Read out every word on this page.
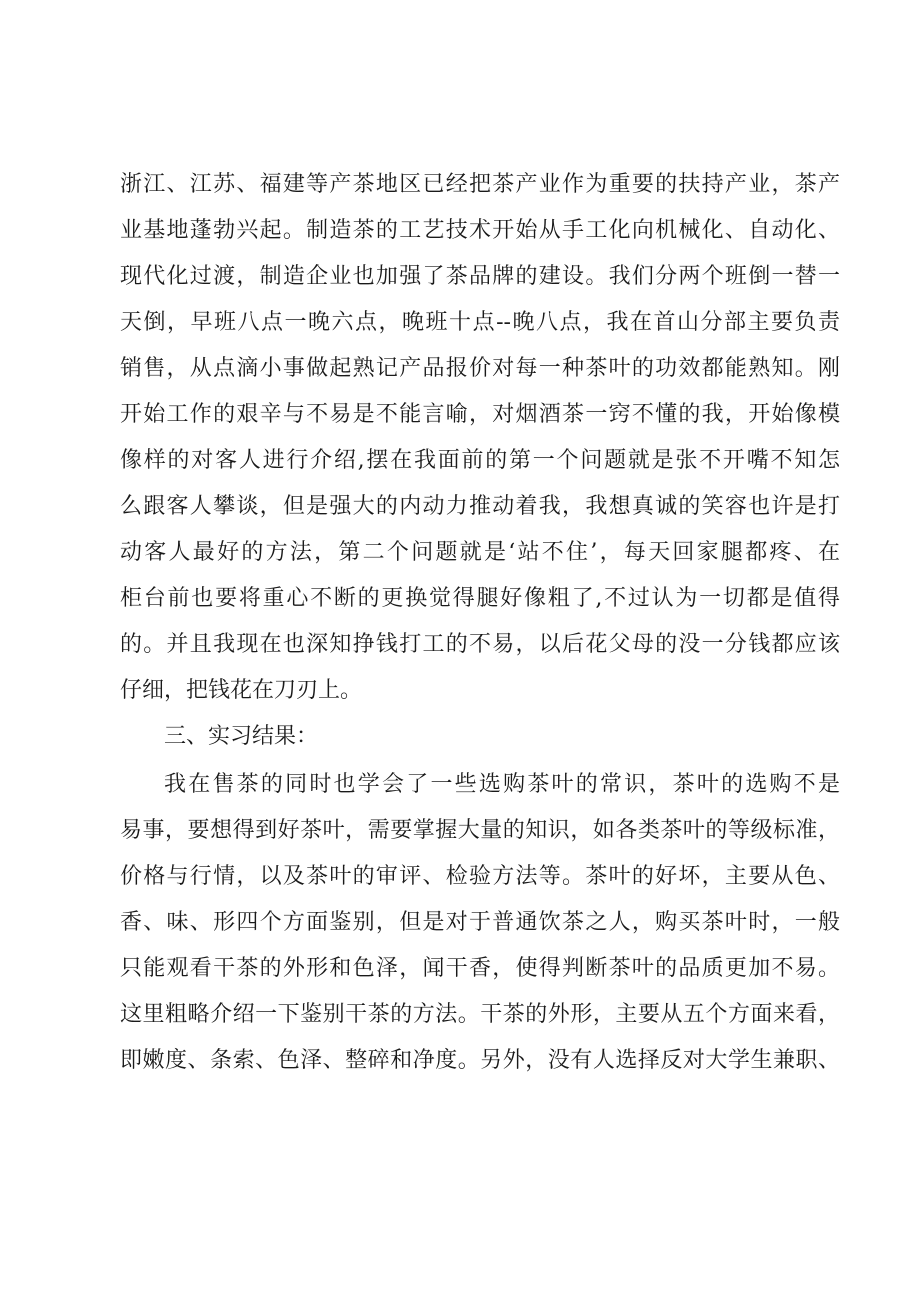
浙江、江苏、福建等产茶地区已经把茶产业作为重要的扶持产业，茶产
业基地蓬勃兴起。制造茶的工艺技术开始从手工化向机械化、自动化、
现代化过渡，制造企业也加强了茶品牌的建设。我们分两个班倒一替一
天倒，早班八点一晚六点，晚班十点--晚八点，我在首山分部主要负责
销售，从点滴小事做起熟记产品报价对每一种茶叶的功效都能熟知。刚
开始工作的艰辛与不易是不能言喻，对烟酒茶一窍不懂的我，开始像模
像样的对客人进行介绍,摆在我面前的第一个问题就是张不开嘴不知怎
么跟客人攀谈，但是强大的内动力推动着我，我想真诚的笑容也许是打
动客人最好的方法，第二个问题就是‘站不住’，每天回家腿都疼、在
柜台前也要将重心不断的更换觉得腿好像粗了,不过认为一切都是值得
的。并且我现在也深知挣钱打工的不易，以后花父母的没一分钱都应该
仔细，把钱花在刀刃上。
三、实习结果：
我在售茶的同时也学会了一些选购茶叶的常识，茶叶的选购不是
易事，要想得到好茶叶，需要掌握大量的知识，如各类茶叶的等级标准，
价格与行情，以及茶叶的审评、检验方法等。茶叶的好坏，主要从色、
香、味、形四个方面鉴别，但是对于普通饮茶之人，购买茶叶时，一般
只能观看干茶的外形和色泽，闻干香，使得判断茶叶的品质更加不易。
这里粗略介绍一下鉴别干茶的方法。干茶的外形，主要从五个方面来看，
即嫩度、条索、色泽、整碎和净度。另外，没有人选择反对大学生兼职、
